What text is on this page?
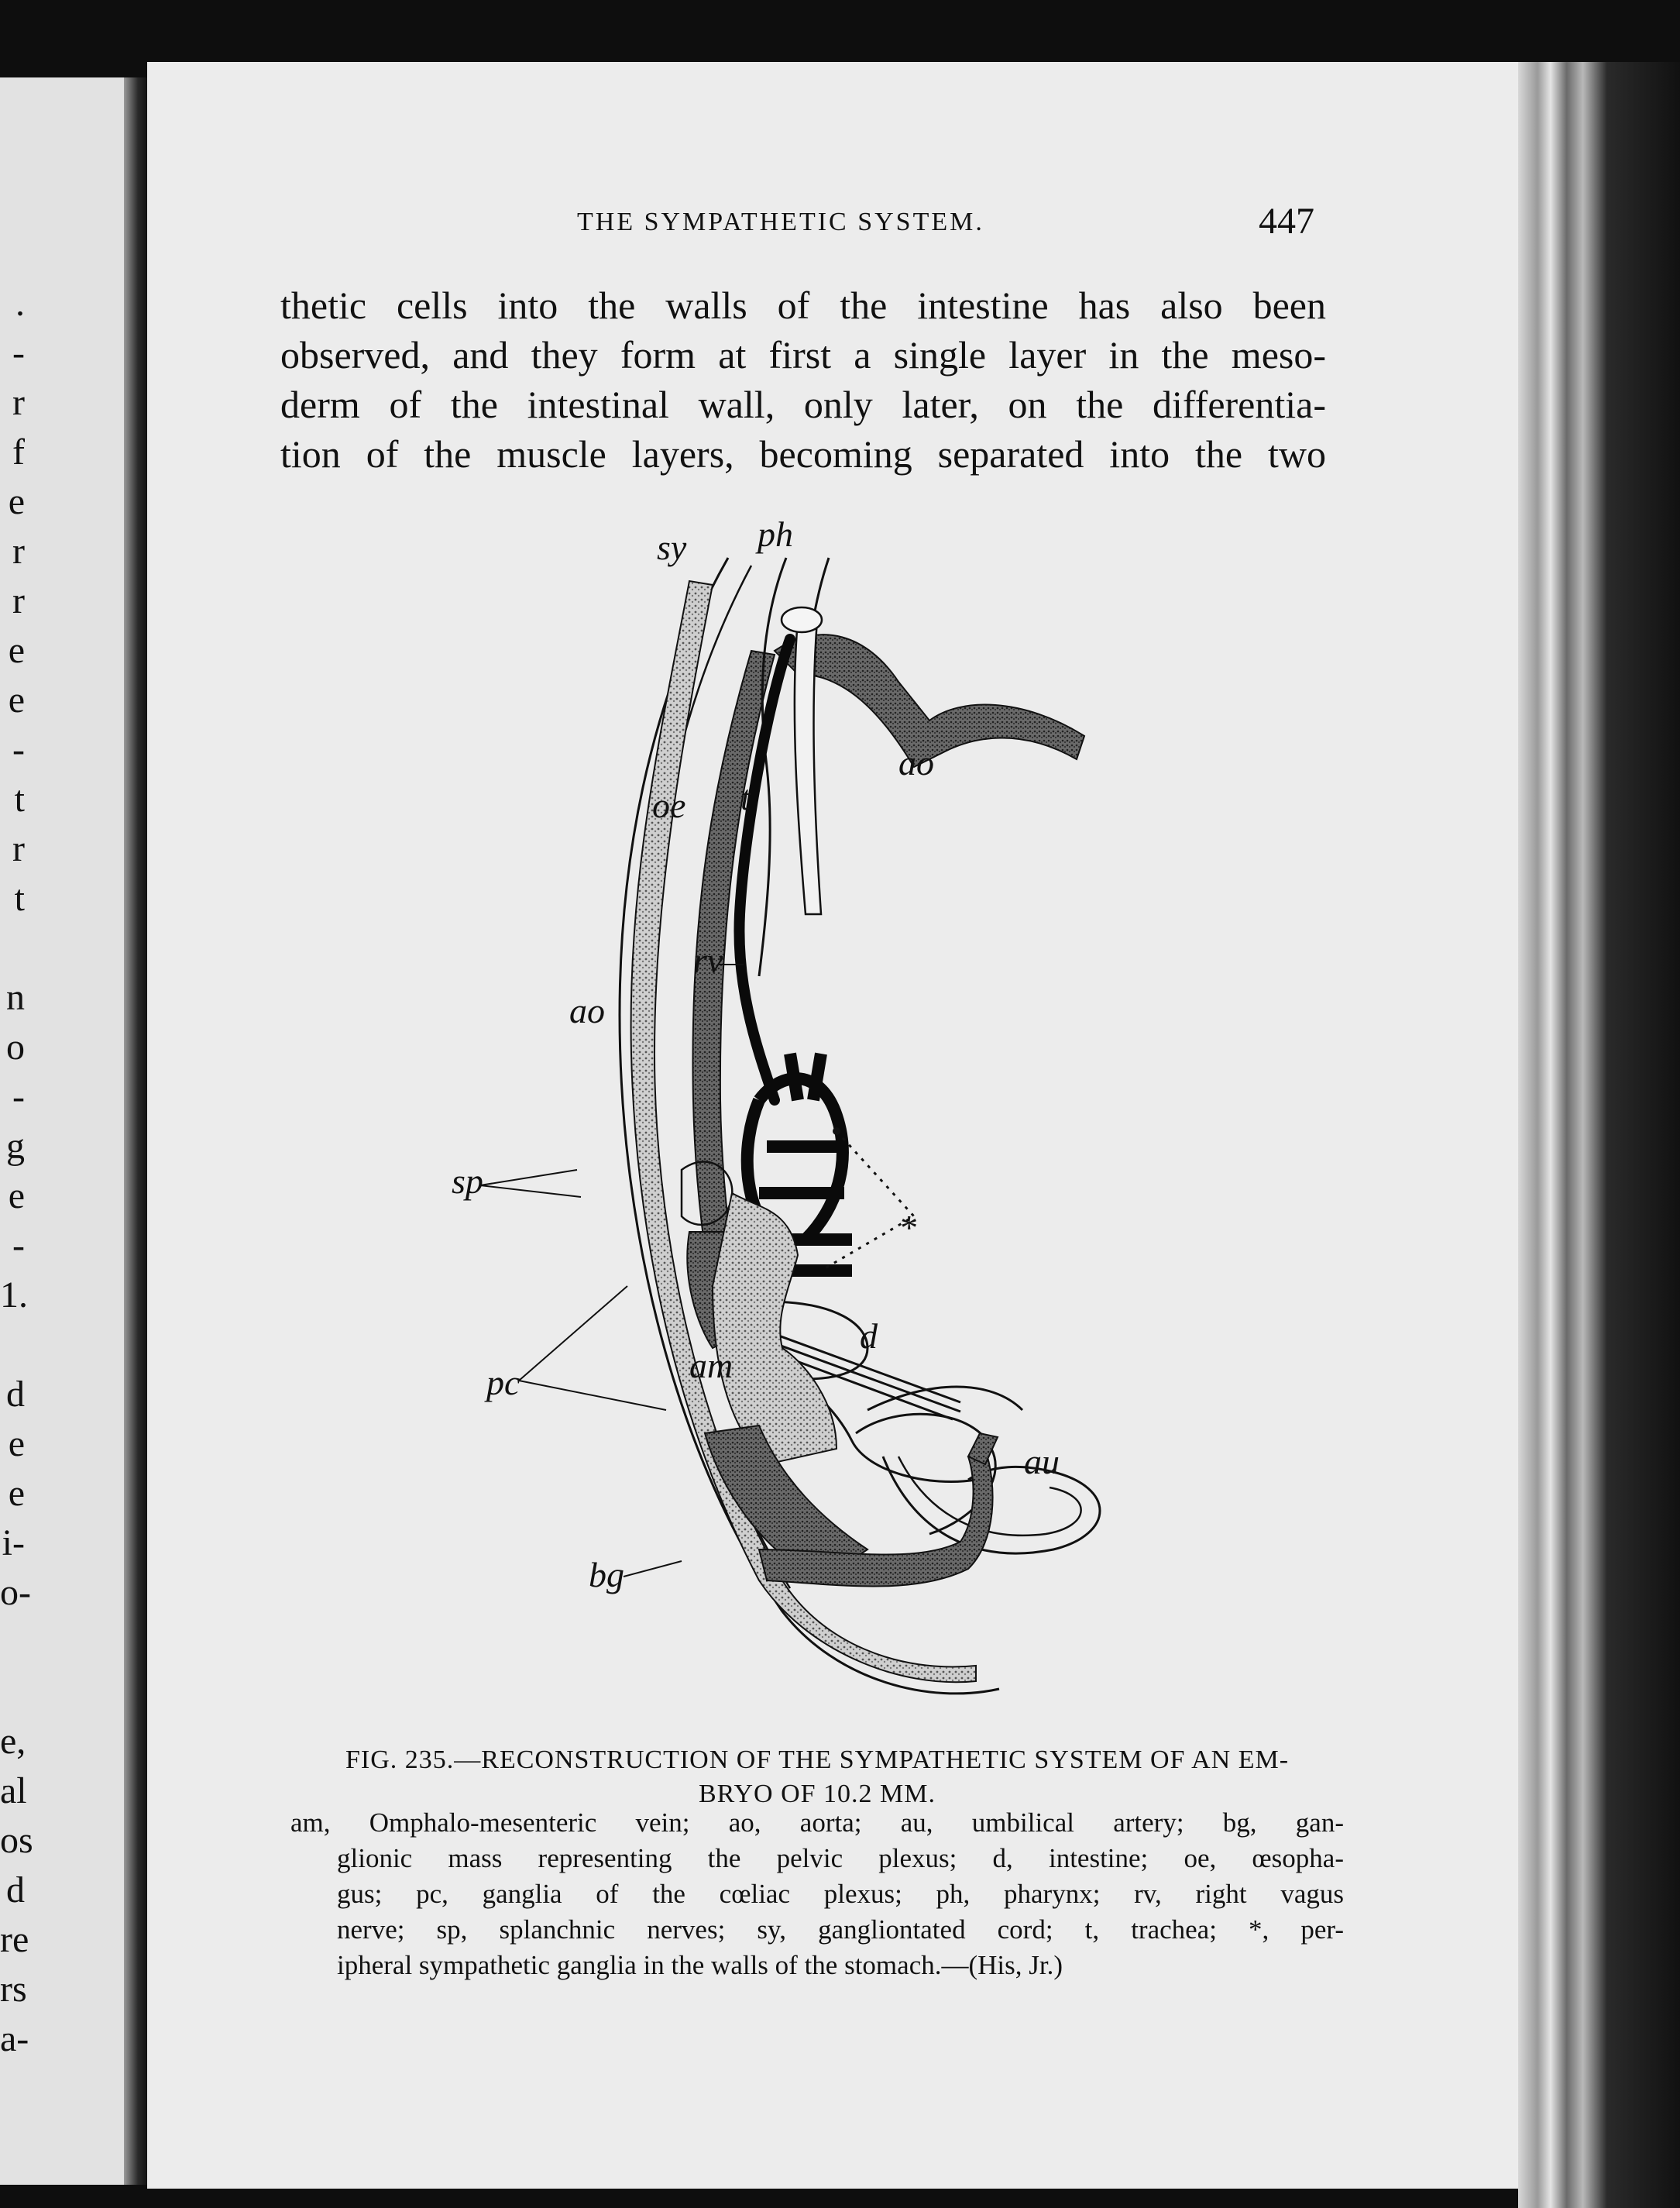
.
-
r
f
e
r
r
e
e
-
t
r
t
n
o
-
g
e
-
1.
d
e
e
i-
o-
e,
al
os
d
re
rs
a-
THE SYMPATHETIC SYSTEM.	447
thetic cells into the walls of the intestine has also been
observed, and they form at first a single layer in the meso-
derm of the intestinal wall, only later, on the differentia-
tion of the muscle layers, becoming separated into the two
sy ph
ao
oe t
rv
ao
sp
*
d
am
pc
au
bg
FIG. 235.—RECONSTRUCTION OF THE SYMPATHETIC SYSTEM OF AN EM-
BRYO OF 10.2 MM.
am, Omphalo-mesenteric vein; ao, aorta; au, umbilical artery; bg, gan-
glionic mass representing the pelvic plexus; d, intestine; oe, œsopha-
gus; pc, ganglia of the cœliac plexus; ph, pharynx; rv, right vagus
nerve; sp, splanchnic nerves; sy, gangliontated cord; t, trachea; *, per-
ipheral sympathetic ganglia in the walls of the stomach.—(His, Jr.)
